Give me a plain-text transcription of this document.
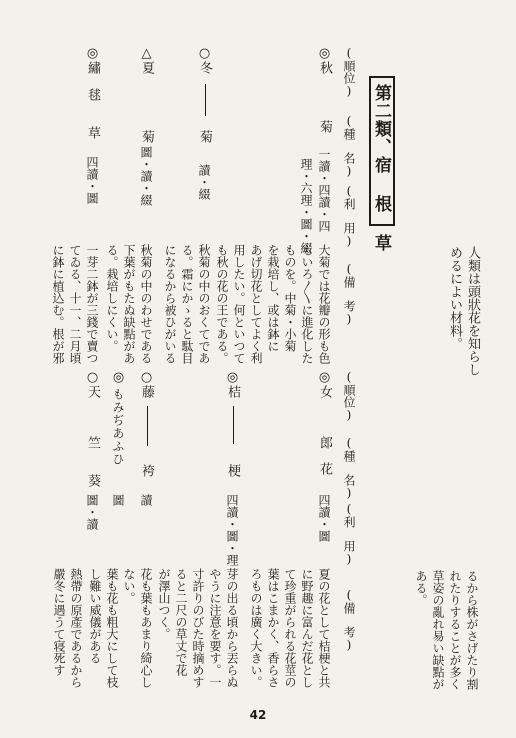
第二類、宿 根 草
人類は頭狀花を知らし
めるによい材料。
(順位)
(種　名)
(利　用)
(備　考)
◎
秋
菊
一讀・四讀・四
理・六理・圖・綴
○
冬
菊
讀・綴
△
夏
菊
圖・讀・綴
◎
繡
毬　草
四讀・圖
大菊では花瓣の形も色
もいろ〳〵に進化した
ものを。中菊・小菊
を栽培し、或は鉢に
あげ切花としてよく利
用したい。何といつて
も秋の花の王である。
秋菊の中のおくてであ
る。霜にかゝると駄目
になるから被ひがいる
秋菊の中のわせである
下葉がもたぬ缺點があ
る。栽培しにくい。
一芽二鉢が三錢で賣つ
てゐる、十一、二月頃
に鉢に植込む。根が邪
るから株がさげたり割
れたりすることが多く
草姿の亂れ易い缺點が
ある。
(順位)
(種　名)
(利　用)
(備　考)
◎
女
郎　花
四讀・圖
◎
桔
梗
四讀・圖・理
○
藤
袴
讀
◎
もみぢあふひ
圖
○
天
竺　葵
圖・讀
夏の花として桔梗と共
に野趣に富んだ花とし
て珍重がられる花莖の
葉はこまかく、香らさ
ろものは廣く大きい。
芽の出る頃から丟らぬ
やうに注意を要す。一
寸許りのびた時摘めす
ると二尺の草丈で花
が澤山つく。
花も葉もあまり綺心し
ない。
葉も花も粗大にして枝
し難い威儀がある
熱帶の原產であるから
嚴冬に遇うて寝死す
42
